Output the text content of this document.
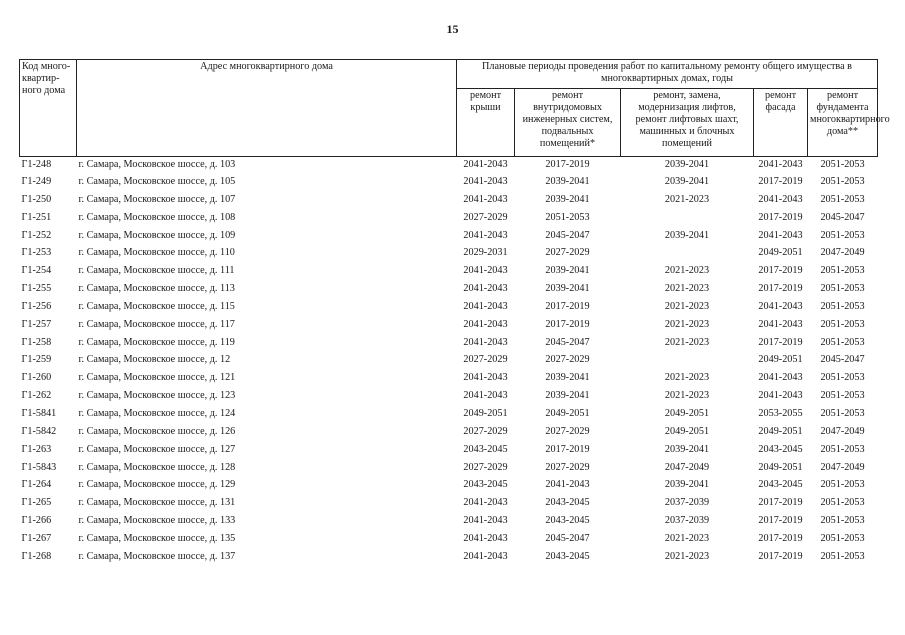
15
Код много-квартир-ного дома	Адрес многоквартирного дома	Плановые периоды проведения работ по капитальному ремонту общего имущества в многоквартирных домах, годы				
		ремонт крыши	ремонт внутридомовых инженерных систем, подвальных помещений*	ремонт, замена, модернизация лифтов, ремонт лифтовых шахт, машинных и блочных помещений	ремонт фасада	ремонт фундамента многоквартирного дома**
Г1-248	г. Самара, Московское шоссе, д. 103	2041-2043	2017-2019	2039-2041	2041-2043	2051-2053
Г1-249	г. Самара, Московское шоссе, д. 105	2041-2043	2039-2041	2039-2041	2017-2019	2051-2053
Г1-250	г. Самара, Московское шоссе, д. 107	2041-2043	2039-2041	2021-2023	2041-2043	2051-2053
Г1-251	г. Самара, Московское шоссе, д. 108	2027-2029	2051-2053		2017-2019	2045-2047
Г1-252	г. Самара, Московское шоссе, д. 109	2041-2043	2045-2047	2039-2041	2041-2043	2051-2053
Г1-253	г. Самара, Московское шоссе, д. 110	2029-2031	2027-2029		2049-2051	2047-2049
Г1-254	г. Самара, Московское шоссе, д. 111	2041-2043	2039-2041	2021-2023	2017-2019	2051-2053
Г1-255	г. Самара, Московское шоссе, д. 113	2041-2043	2039-2041	2021-2023	2017-2019	2051-2053
Г1-256	г. Самара, Московское шоссе, д. 115	2041-2043	2017-2019	2021-2023	2041-2043	2051-2053
Г1-257	г. Самара, Московское шоссе, д. 117	2041-2043	2017-2019	2021-2023	2041-2043	2051-2053
Г1-258	г. Самара, Московское шоссе, д. 119	2041-2043	2045-2047	2021-2023	2017-2019	2051-2053
Г1-259	г. Самара, Московское шоссе, д. 12	2027-2029	2027-2029		2049-2051	2045-2047
Г1-260	г. Самара, Московское шоссе, д. 121	2041-2043	2039-2041	2021-2023	2041-2043	2051-2053
Г1-262	г. Самара, Московское шоссе, д. 123	2041-2043	2039-2041	2021-2023	2041-2043	2051-2053
Г1-5841	г. Самара, Московское шоссе, д. 124	2049-2051	2049-2051	2049-2051	2053-2055	2051-2053
Г1-5842	г. Самара, Московское шоссе, д. 126	2027-2029	2027-2029	2049-2051	2049-2051	2047-2049
Г1-263	г. Самара, Московское шоссе, д. 127	2043-2045	2017-2019	2039-2041	2043-2045	2051-2053
Г1-5843	г. Самара, Московское шоссе, д. 128	2027-2029	2027-2029	2047-2049	2049-2051	2047-2049
Г1-264	г. Самара, Московское шоссе, д. 129	2043-2045	2041-2043	2039-2041	2043-2045	2051-2053
Г1-265	г. Самара, Московское шоссе, д. 131	2041-2043	2043-2045	2037-2039	2017-2019	2051-2053
Г1-266	г. Самара, Московское шоссе, д. 133	2041-2043	2043-2045	2037-2039	2017-2019	2051-2053
Г1-267	г. Самара, Московское шоссе, д. 135	2041-2043	2045-2047	2021-2023	2017-2019	2051-2053
Г1-268	г. Самара, Московское шоссе, д. 137	2041-2043	2043-2045	2021-2023	2017-2019	2051-2053
